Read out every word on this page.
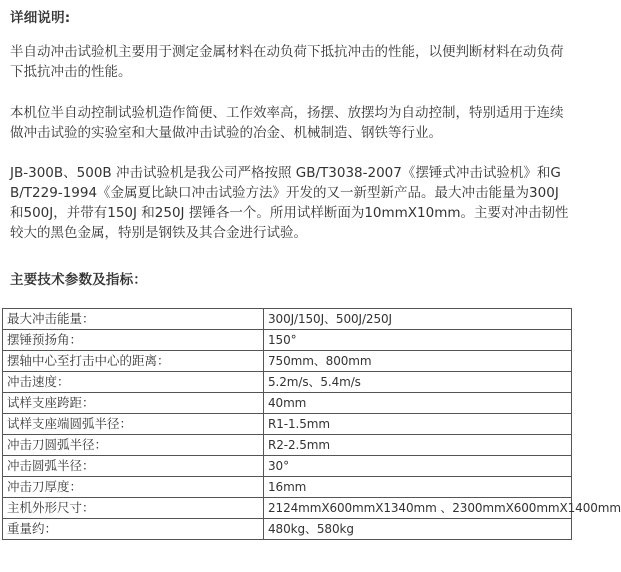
详细说明:

半自动冲击试验机主要用于测定金属材料在动负荷下抵抗冲击的性能，以便判断材料在动负荷下抵抗冲击的性能。

本机位半自动控制试验机造作简便、工作效率高，扬摆、放摆均为自动控制，特别适用于连续做冲击试验的实验室和大量做冲击试验的冶金、机械制造、钢铁等行业。

JB-300B、500B 冲击试验机是我公司严格按照 GB/T3038-2007《摆锤式冲击试验机》和GB/T229-1994《金属夏比缺口冲击试验方法》开发的又一新型新产品。最大冲击能量为300J 和500J，并带有150J 和250J 摆锤各一个。所用试样断面为10mmX10mm。主要对冲击韧性较大的黑色金属，特别是钢铁及其合金进行试验。

主要技术参数及指标：
最大冲击能量：	300J/150J、500J/250J
摆锤预扬角：	150°
摆轴中心至打击中心的距离：	750mm、800mm
冲击速度：	5.2m/s、5.4m/s
试样支座跨距：	40mm
试样支座端圆弧半径：	R1-1.5mm
冲击刀圆弧半径：	R2-2.5mm
冲击圆弧半径：	30°
冲击刀厚度：	16mm
主机外形尺寸：	2124mmX600mmX1340mm 、2300mmX600mmX1400mm
重量约：	480kg、580kg
